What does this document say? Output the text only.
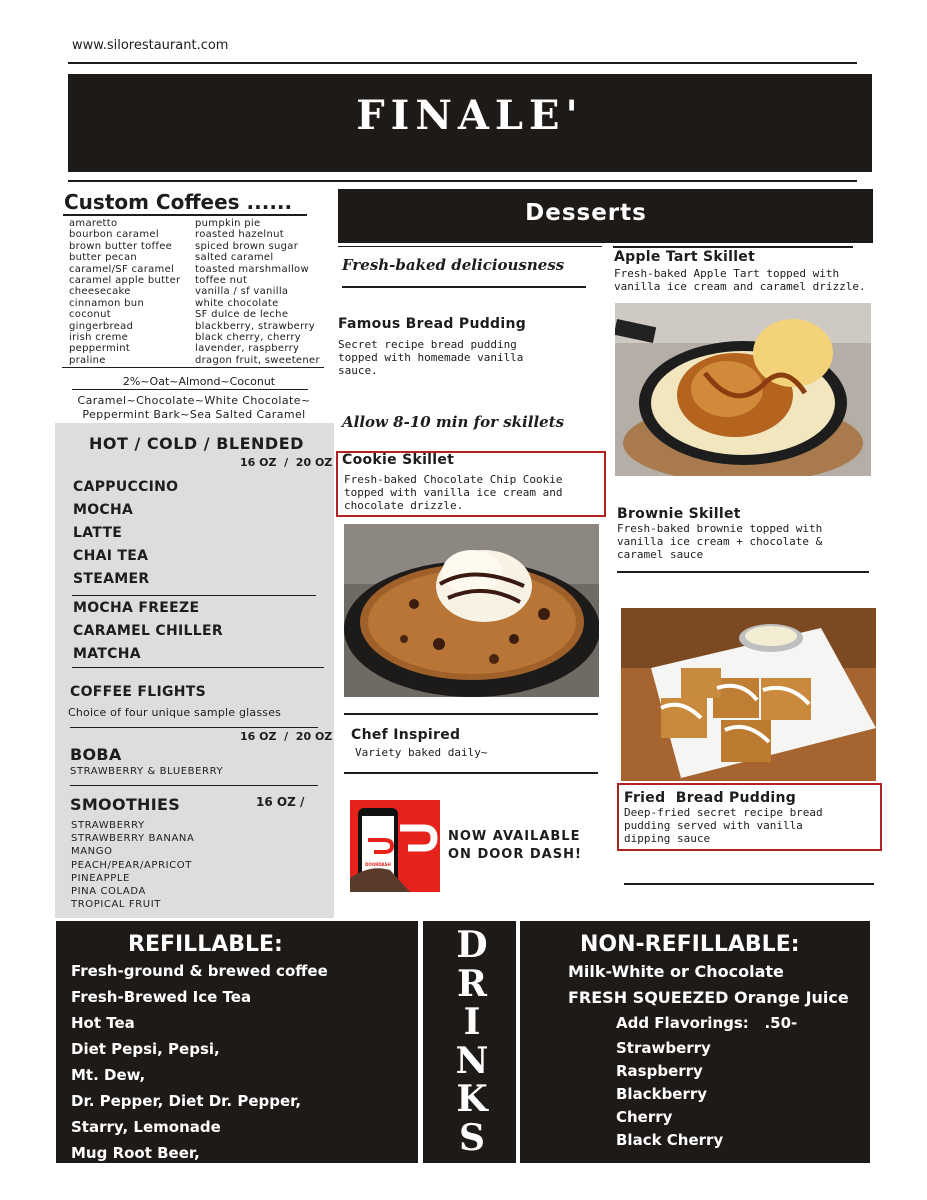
www.silorestaurant.com
FINALE'
Custom Coffees ......
amaretto
bourbon caramel
brown butter toffee
butter pecan
caramel/SF caramel
caramel apple butter
cheesecake
cinnamon bun
coconut
gingerbread
irish creme
peppermint
praline
pumpkin pie
roasted hazelnut
spiced brown sugar
salted caramel
toasted marshmallow
toffee nut
vanilla / sf vanilla
white chocolate
SF dulce de leche
blackberry, strawberry
black cherry, cherry
lavender, raspberry
dragon fruit, sweetener
2%~Oat~Almond~Coconut
Caramel~Chocolate~White Chocolate~
Peppermint Bark~Sea Salted Caramel
HOT / COLD / BLENDED
16 OZ  /  20 OZ
CAPPUCCINO
MOCHA
LATTE
CHAI TEA
STEAMER
MOCHA FREEZE
CARAMEL CHILLER
MATCHA
COFFEE FLIGHTS
Choice of four unique sample glasses
16 OZ  /  20 OZ
BOBA
STRAWBERRY & BLUEBERRY
SMOOTHIES	16 OZ /
STRAWBERRY
STRAWBERRY BANANA
MANGO
PEACH/PEAR/APRICOT
PINEAPPLE
PINA COLADA
TROPICAL FRUIT
Desserts
Fresh-baked deliciousness
Famous Bread Pudding
Secret recipe bread pudding
topped with homemade vanilla
sauce.
Allow 8-10 min for skillets
Cookie Skillet
Fresh-baked Chocolate Chip Cookie
topped with vanilla ice cream and
chocolate drizzle.
Chef Inspired
Variety baked daily~
DOORDASH
NOW AVAILABLE
ON DOOR DASH!
Apple Tart Skillet
Fresh-baked Apple Tart topped with
vanilla ice cream and caramel drizzle.
Brownie Skillet
Fresh-baked brownie topped with
vanilla ice cream + chocolate &
caramel sauce
Fried  Bread Pudding
Deep-fried secret recipe bread
pudding served with vanilla
dipping sauce
D
R
I
N
K
S
REFILLABLE:
Fresh-ground & brewed coffee
Fresh-Brewed Ice Tea
Hot Tea
Diet Pepsi, Pepsi,
Mt. Dew,
Dr. Pepper, Diet Dr. Pepper,
Starry, Lemonade
Mug Root Beer,
NON-REFILLABLE:
Milk-White or Chocolate
FRESH SQUEEZED Orange Juice
Add Flavorings:   .50-
Strawberry
Raspberry
Blackberry
Cherry
Black Cherry
